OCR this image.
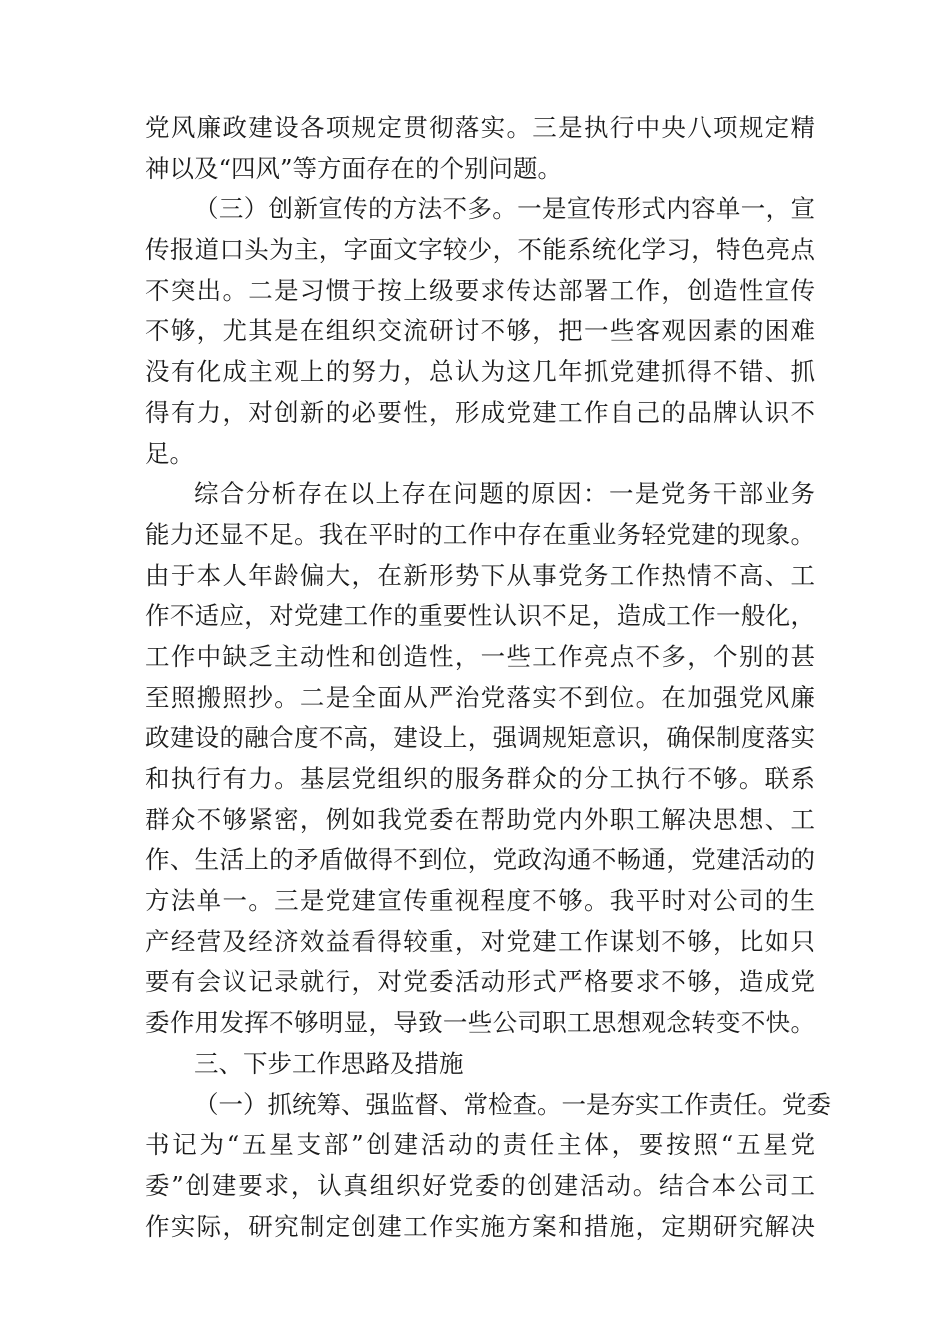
党风廉政建设各项规定贯彻落实。三是执行中央八项规定精
神以及“四风”等方面存在的个别问题。
（三）创新宣传的方法不多。一是宣传形式内容单一，宣
传报道口头为主，字面文字较少，不能系统化学习，特色亮点
不突出。二是习惯于按上级要求传达部署工作，创造性宣传
不够，尤其是在组织交流研讨不够，把一些客观因素的困难
没有化成主观上的努力，总认为这几年抓党建抓得不错、抓
得有力，对创新的必要性，形成党建工作自己的品牌认识不
足。
综合分析存在以上存在问题的原因：一是党务干部业务
能力还显不足。我在平时的工作中存在重业务轻党建的现象。
由于本人年龄偏大，在新形势下从事党务工作热情不高、工
作不适应，对党建工作的重要性认识不足，造成工作一般化，
工作中缺乏主动性和创造性，一些工作亮点不多，个别的甚
至照搬照抄。二是全面从严治党落实不到位。在加强党风廉
政建设的融合度不高，建设上，强调规矩意识，确保制度落实
和执行有力。基层党组织的服务群众的分工执行不够。联系
群众不够紧密，例如我党委在帮助党内外职工解决思想、工
作、生活上的矛盾做得不到位，党政沟通不畅通，党建活动的
方法单一。三是党建宣传重视程度不够。我平时对公司的生
产经营及经济效益看得较重，对党建工作谋划不够，比如只
要有会议记录就行，对党委活动形式严格要求不够，造成党
委作用发挥不够明显，导致一些公司职工思想观念转变不快。
三、下步工作思路及措施
（一）抓统筹、强监督、常检查。一是夯实工作责任。党委
书记为“五星支部”创建活动的责任主体，要按照“五星党
委”创建要求，认真组织好党委的创建活动。结合本公司工
作实际，研究制定创建工作实施方案和措施，定期研究解决
